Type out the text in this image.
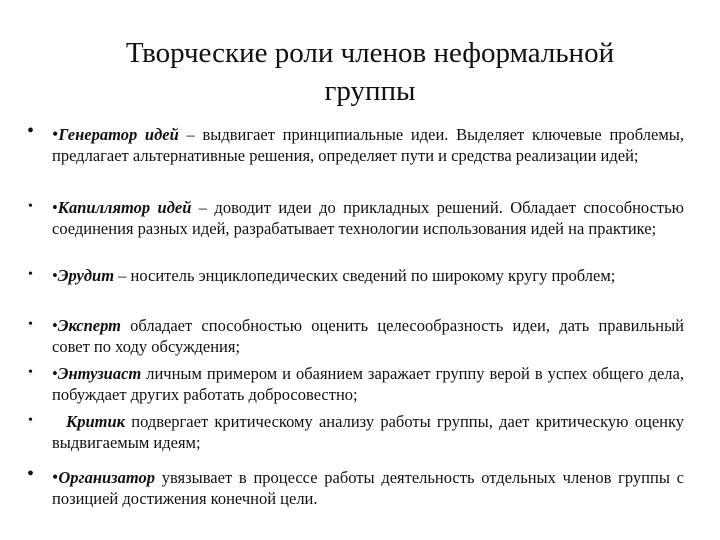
Творческие роли членов неформальной
группы
• •Генератор идей – выдвигает принципиальные идеи. Выделяет ключевые проблемы, предлагает альтернативные решения, определяет пути и средства реализации идей;
• •Капиллятор идей – доводит идеи до прикладных решений. Обладает способностью соединения разных идей, разрабатывает технологии использования идей на практике;
• •Эрудит – носитель энциклопедических сведений по широкому кругу проблем;
• •Эксперт обладает способностью оценить целесообразность идеи, дать правильный совет по ходу обсуждения;
• •Энтузиаст личным примером и обаянием заражает группу верой в успех общего дела, побуждает других работать добросовестно;
•	Критик подвергает критическому анализу работы группы, дает критическую оценку выдвигаемым идеям;
• •Организатор увязывает в процессе работы деятельность отдельных членов группы с позицией достижения конечной цели.
